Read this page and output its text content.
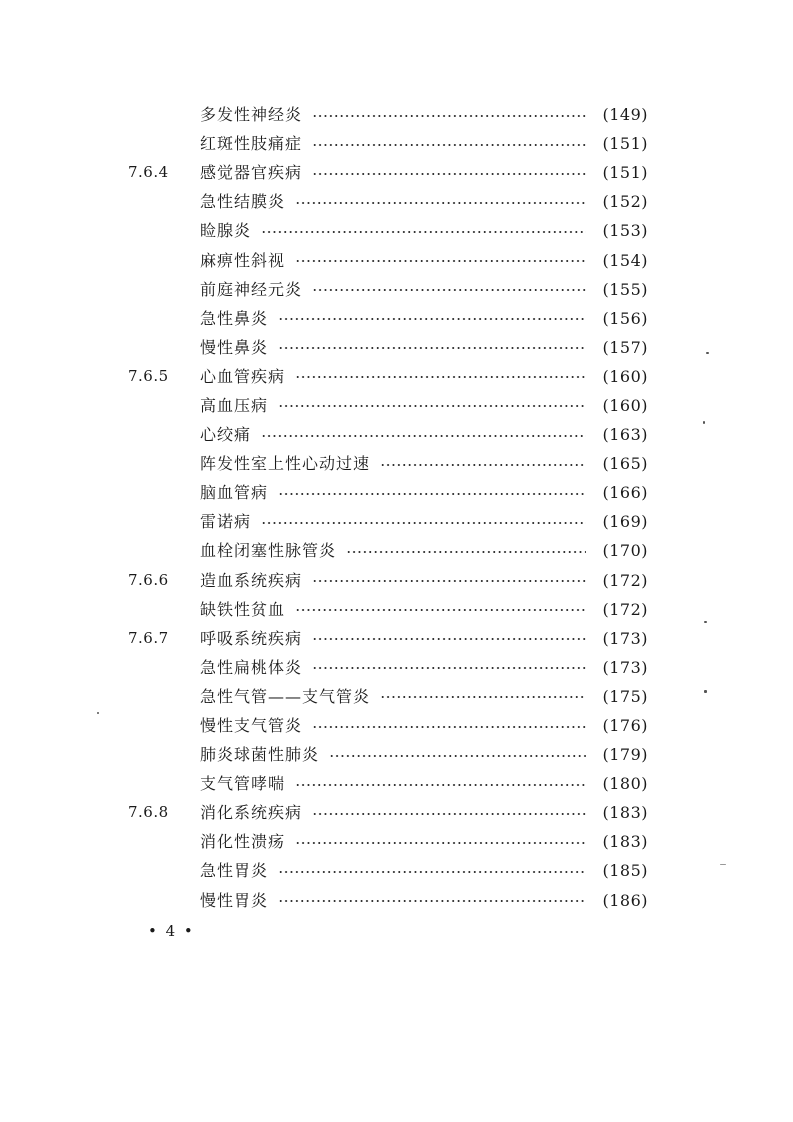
多发性神经炎	(149)
红斑性肢痛症	(151)
7.6.4	感觉器官疾病	(151)
急性结膜炎	(152)
睑腺炎	(153)
麻痹性斜视	(154)
前庭神经元炎	(155)
急性鼻炎	(156)
慢性鼻炎	(157)
7.6.5	心血管疾病	(160)
高血压病	(160)
心绞痛	(163)
阵发性室上性心动过速	(165)
脑血管病	(166)
雷诺病	(169)
血栓闭塞性脉管炎	(170)
7.6.6	造血系统疾病	(172)
缺铁性贫血	(172)
7.6.7	呼吸系统疾病	(173)
急性扁桃体炎	(173)
急性气管——支气管炎	(175)
慢性支气管炎	(176)
肺炎球菌性肺炎	(179)
支气管哮喘	(180)
7.6.8	消化系统疾病	(183)
消化性溃疡	(183)
急性胃炎	(185)
慢性胃炎	(186)
• 4 •
